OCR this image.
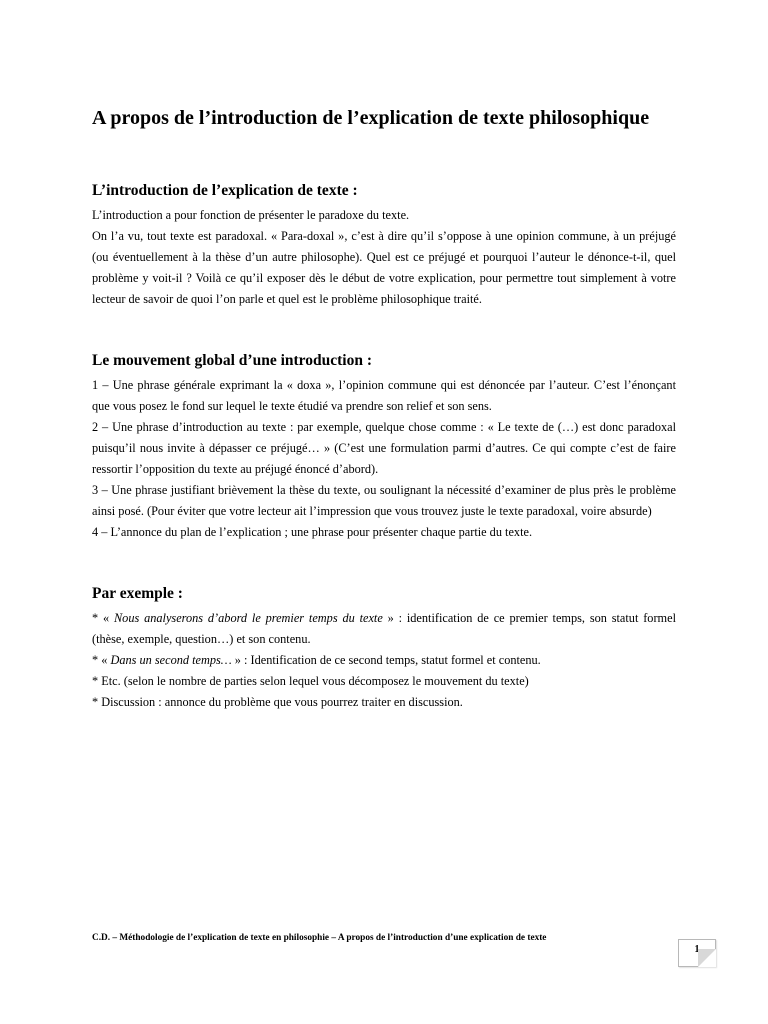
A propos de l’introduction de l’explication de texte philosophique
L’introduction de l’explication de texte :

L’introduction a pour fonction de présenter le paradoxe du texte.

On l’a vu, tout texte est paradoxal. « Para-doxal », c’est à dire qu’il s’oppose à une opinion commune, à un préjugé (ou éventuellement à la thèse d’un autre philosophe). Quel est ce préjugé et pourquoi l’auteur le dénonce-t-il, quel problème y voit-il ? Voilà ce qu’il exposer dès le début de votre explication, pour permettre tout simplement à votre lecteur de savoir de quoi l’on parle et quel est le problème philosophique traité.

Le mouvement global d’une introduction :

1 – Une phrase générale exprimant la « doxa », l’opinion commune qui est dénoncée par l’auteur. C’est l’énonçant que vous posez le fond sur lequel le texte étudié va prendre son relief et son sens.

2 – Une phrase d’introduction au texte : par exemple, quelque chose comme : « Le texte de (…) est donc paradoxal puisqu’il nous invite à dépasser ce préjugé… » (C’est une formulation parmi d’autres. Ce qui compte c’est de faire ressortir l’opposition du texte au préjugé énoncé d’abord).

3 – Une phrase justifiant brièvement la thèse du texte, ou soulignant la nécessité d’examiner de plus près le problème ainsi posé. (Pour éviter que votre lecteur ait l’impression que vous trouvez juste le texte paradoxal, voire absurde)

4 – L’annonce du plan de l’explication ; une phrase pour présenter chaque partie du texte.

Par exemple :

* « Nous analyserons d’abord le premier temps du texte » : identification de ce premier temps, son statut formel (thèse, exemple, question…) et son contenu.

* « Dans un second temps… » : Identification de ce second temps, statut formel et contenu.

* Etc. (selon le nombre de parties selon lequel vous décomposez le mouvement du texte)

* Discussion : annonce du problème que vous pourrez traiter en discussion.

C.D. – Méthodologie de l’explication de texte en philosophie – A propos de l’introduction d’une explication de texte
1
